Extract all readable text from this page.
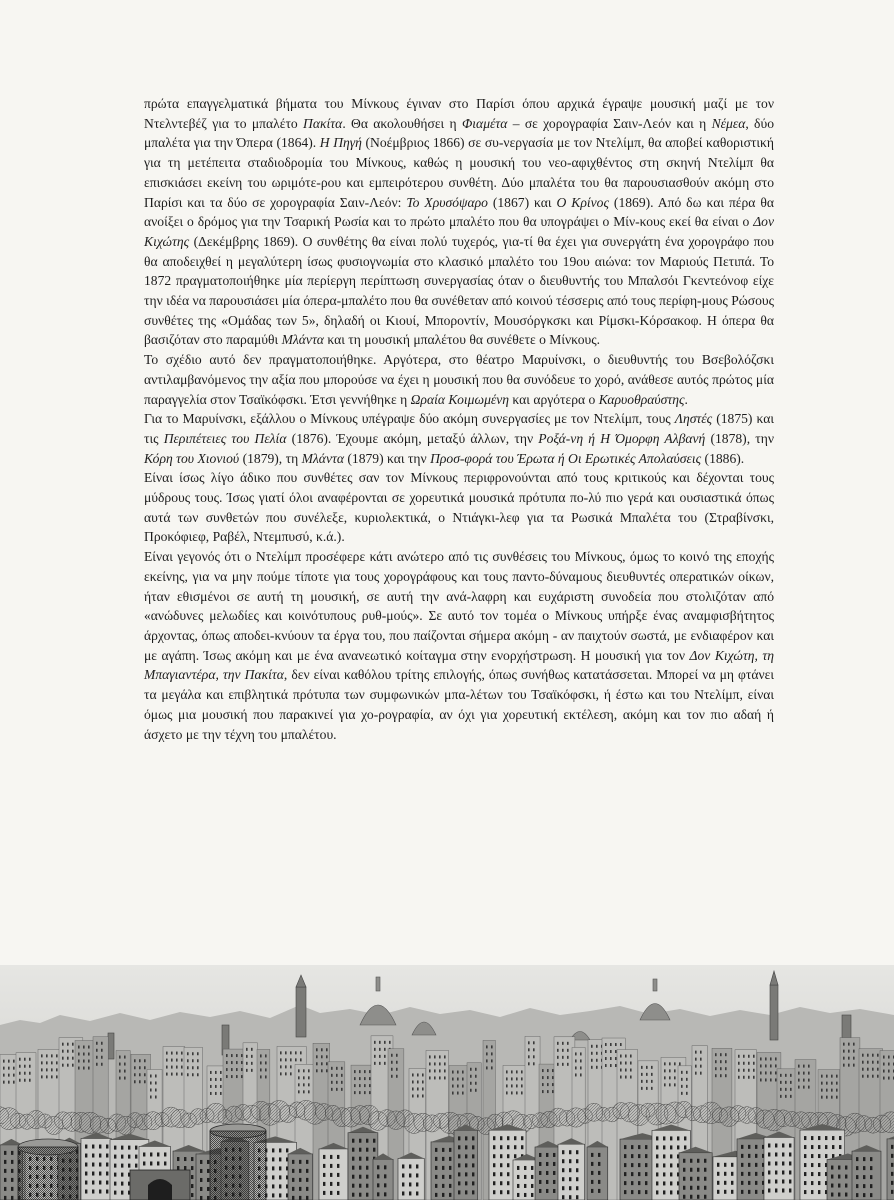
πρώτα επαγγελματικά βήματα του Μίνκους έγιναν στο Παρίσι όπου αρχικά έγραψε μουσική μαζί με τον Ντελντεβέζ για το μπαλέτο Πακίτα. Θα ακολουθήσει η Φιαμέτα – σε χορογραφία Σαιν-Λεόν και η Νέμεα, δύο μπαλέτα για την Όπερα (1864). Η Πηγή (Νοέμβριος 1866) σε συ-νεργασία με τον Ντελίμπ, θα αποβεί καθοριστική για τη μετέπειτα σταδιοδρομία του Μίνκους, καθώς η μουσική του νεο-αφιχθέντος στη σκηνή Ντελίμπ θα επισκιάσει εκείνη του ωριμότε-ρου και εμπειρότερου συνθέτη. Δύο μπαλέτα του θα παρουσιασθούν ακόμη στο Παρίσι και τα δύο σε χορογραφία Σαιν-Λεόν: Το Χρυσόψαρο (1867) και Ο Κρίνος (1869). Από δω και πέρα θα ανοίξει ο δρόμος για την Τσαρική Ρωσία και το πρώτο μπαλέτο που θα υπογράψει ο Μίν-κους εκεί θα είναι ο Δον Κιχώτης (Δεκέμβρης 1869). Ο συνθέτης θα είναι πολύ τυχερός, για-τί θα έχει για συνεργάτη ένα χορογράφο που θα αποδειχθεί η μεγαλύτερη ίσως φυσιογνωμία στο κλασικό μπαλέτο του 19ου αιώνα: τον Μαριούς Πετιπά. Το 1872 πραγματοποιήθηκε μία περίεργη περίπτωση συνεργασίας όταν ο διευθυντής του Μπαλσόι Γκεντεόνοφ είχε την ιδέα να παρουσιάσει μία όπερα-μπαλέτο που θα συνέθεταν από κοινού τέσσερις από τους περίφη-μους Ρώσους συνθέτες της «Ομάδας των 5», δηλαδή οι Κιουί, Μποροντίν, Μουσόργκσκι και Ρίμσκι-Κόρσακοφ. Η όπερα θα βασιζόταν στο παραμύθι Μλάντα και τη μουσική μπαλέτου θα συνέθετε ο Μίνκους.

Το σχέδιο αυτό δεν πραγματοποιήθηκε. Αργότερα, στο θέατρο Μαρυίνσκι, ο διευθυντής του Βσεβολόζσκι αντιλαμβανόμενος την αξία που μπορούσε να έχει η μουσική που θα συνόδευε το χορό, ανάθεσε αυτός πρώτος μία παραγγελία στον Τσαϊκόφσκι. Έτσι γεννήθηκε η Ωραία Κοιμωμένη και αργότερα ο Καρυοθραύστης.

Για το Μαρυίνσκι, εξάλλου ο Μίνκους υπέγραψε δύο ακόμη συνεργασίες με τον Ντελίμπ, τους Ληστές (1875) και τις Περιπέτειες του Πελία (1876). Έχουμε ακόμη, μεταξύ άλλων, την Ροξά-νη ή Η Όμορφη Αλβανή (1878), την Κόρη του Χιονιού (1879), τη Μλάντα (1879) και την Προσ-φορά του Έρωτα ή Οι Ερωτικές Απολαύσεις (1886).

Είναι ίσως λίγο άδικο που συνθέτες σαν τον Μίνκους περιφρονούνται από τους κριτικούς και δέχονται τους μύδρους τους. Ίσως γιατί όλοι αναφέρονται σε χορευτικά μουσικά πρότυπα πο-λύ πιο γερά και ουσιαστικά όπως αυτά των συνθετών που συνέλεξε, κυριολεκτικά, ο Ντιάγκι-λεφ για τα Ρωσικά Μπαλέτα του (Στραβίνσκι, Προκόφιεφ, Ραβέλ, Ντεμπυσύ, κ.ά.).

Είναι γεγονός ότι ο Ντελίμπ προσέφερε κάτι ανώτερο από τις συνθέσεις του Μίνκους, όμως το κοινό της εποχής εκείνης, για να μην πούμε τίποτε για τους χορογράφους και τους παντο-δύναμους διευθυντές οπερατικών οίκων, ήταν εθισμένοι σε αυτή τη μουσική, σε αυτή την ανά-λαφρη και ευχάριστη συνοδεία που στολιζόταν από «ανώδυνες μελωδίες και κοινότυπους ρυθ-μούς». Σε αυτό τον τομέα ο Μίνκους υπήρξε ένας αναμφισβήτητος άρχοντας, όπως αποδει-κνύουν τα έργα του, που παίζονται σήμερα ακόμη - αν παιχτούν σωστά, με ενδιαφέρον και με αγάπη. Ίσως ακόμη και με ένα ανανεωτικό κοίταγμα στην ενορχήστρωση. Η μουσική για τον Δον Κιχώτη, τη Μπαγιαντέρα, την Πακίτα, δεν είναι καθόλου τρίτης επιλογής, όπως συνήθως κατατάσσεται. Μπορεί να μη φτάνει τα μεγάλα και επιβλητικά πρότυπα των συμφωνικών μπα-λέτων του Τσαϊκόφσκι, ή έστω και του Ντελίμπ, είναι όμως μια μουσική που παρακινεί για χο-ρογραφία, αν όχι για χορευτική εκτέλεση, ακόμη και τον πιο αδαή ή άσχετο με την τέχνη του μπαλέτου.
